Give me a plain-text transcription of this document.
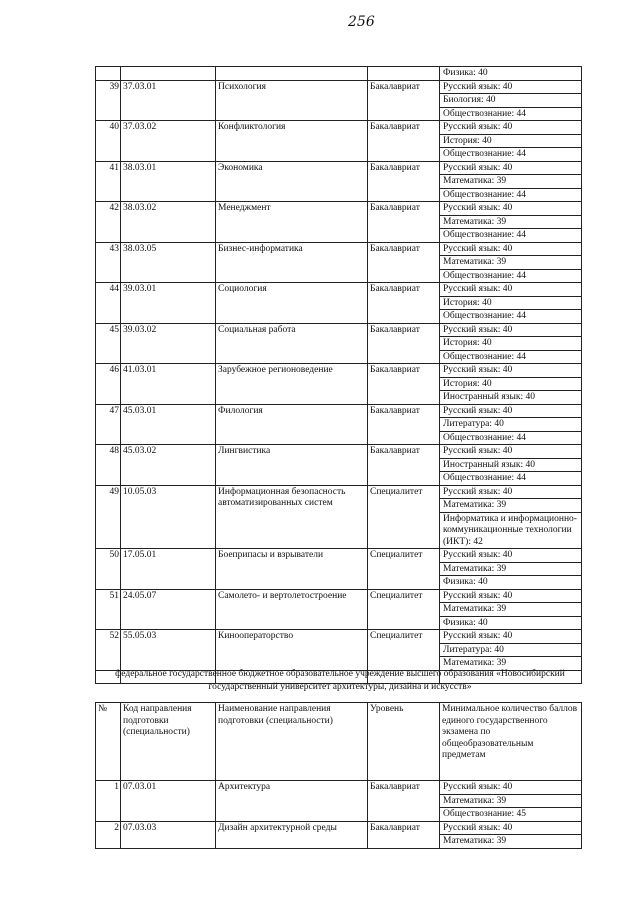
256
				Физика: 40
39	37.03.01	Психология	Бакалавриат	Русский язык: 40
				Биология: 40
				Обществознание: 44
40	37.03.02	Конфликтология	Бакалавриат	Русский язык: 40
				История: 40
				Обществознание: 44
41	38.03.01	Экономика	Бакалавриат	Русский язык: 40
				Математика: 39
				Обществознание: 44
42	38.03.02	Менеджмент	Бакалавриат	Русский язык: 40
				Математика: 39
				Обществознание: 44
43	38.03.05	Бизнес-информатика	Бакалавриат	Русский язык: 40
				Математика: 39
				Обществознание: 44
44	39.03.01	Социология	Бакалавриат	Русский язык: 40
				История: 40
				Обществознание: 44
45	39.03.02	Социальная работа	Бакалавриат	Русский язык: 40
				История: 40
				Обществознание: 44
46	41.03.01	Зарубежное регионоведение	Бакалавриат	Русский язык: 40
				История: 40
				Иностранный язык: 40
47	45.03.01	Филология	Бакалавриат	Русский язык: 40
				Литература: 40
				Обществознание: 44
48	45.03.02	Лингвистика	Бакалавриат	Русский язык: 40
				Иностранный язык: 40
				Обществознание: 44
49	10.05.03	Информационная безопасность автоматизированных систем	Специалитет	Русский язык: 40
				Математика: 39
				Информатика и информационно-коммуникационные технологии (ИКТ): 42
50	17.05.01	Боеприпасы и взрыватели	Специалитет	Русский язык: 40
				Математика: 39
				Физика: 40
51	24.05.07	Самолето- и вертолетостроение	Специалитет	Русский язык: 40
				Математика: 39
				Физика: 40
52	55.05.03	Кинооператорство	Специалитет	Русский язык: 40
				Литература: 40
				Математика: 39

федеральное государственное бюджетное образовательное учреждение высшего образования «Новосибирский государственный университет архитектуры, дизайна и искусств»
№	Код направления подготовки (специальности)	Наименование направления подготовки (специальности)	Уровень	Минимальное количество баллов единого государственного экзамена по общеобразовательным предметам
1	07.03.01	Архитектура	Бакалавриат	Русский язык: 40
				Математика: 39
				Обществознание: 45
2	07.03.03	Дизайн архитектурной среды	Бакалавриат	Русский язык: 40
				Математика: 39
